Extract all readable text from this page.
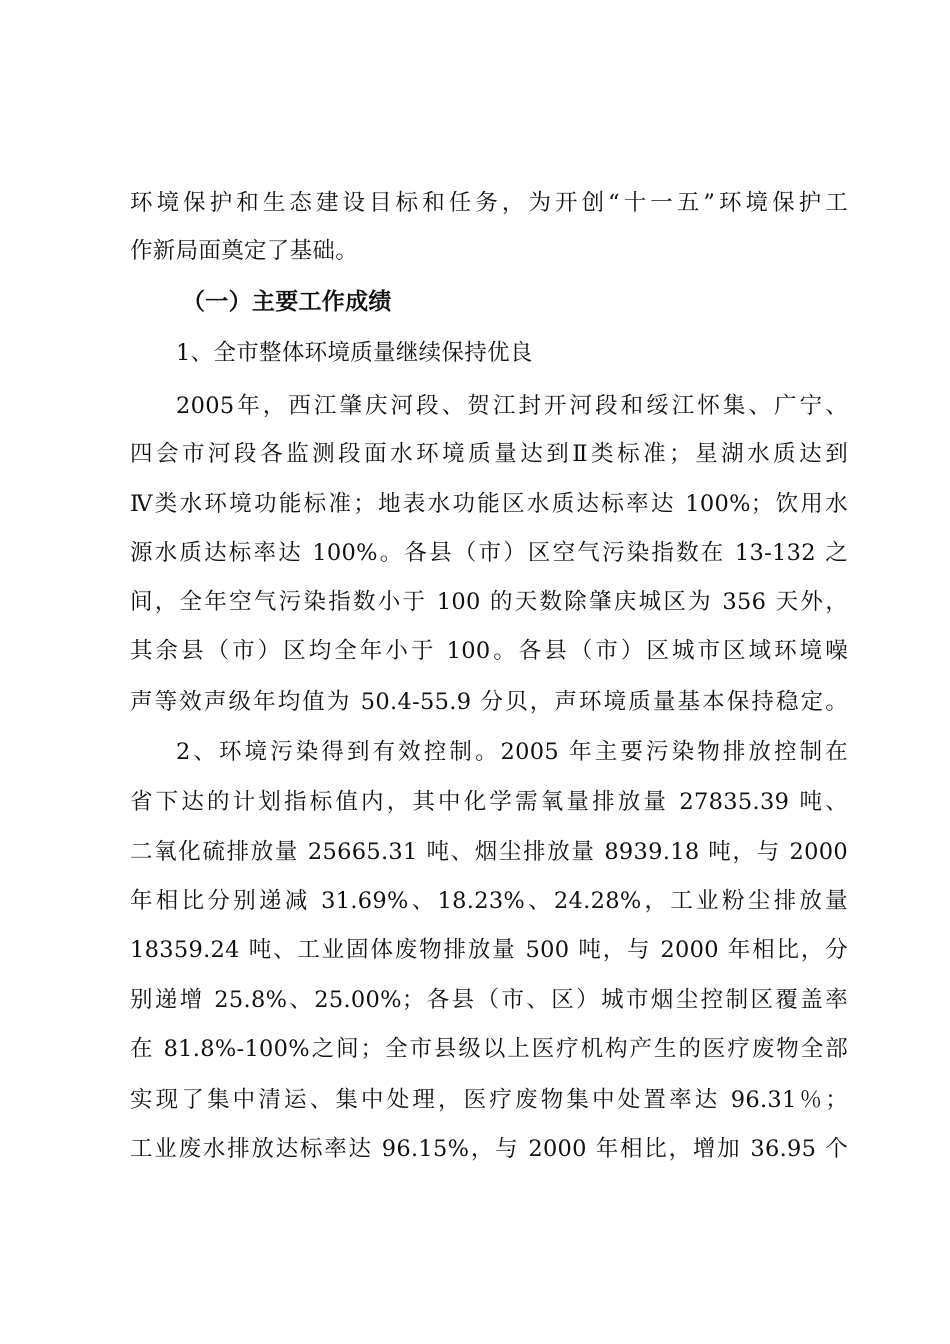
环境保护和生态建设目标和任务，为开创“十一五”环境保护工
作新局面奠定了基础。
（一）主要工作成绩
1、全市整体环境质量继续保持优良
2005年，西江肇庆河段、贺江封开河段和绥江怀集、广宁、
四会市河段各监测段面水环境质量达到Ⅱ类标准；星湖水质达到
Ⅳ类水环境功能标准；地表水功能区水质达标率达 100%；饮用水
源水质达标率达 100%。各县（市）区空气污染指数在 13-132 之
间，全年空气污染指数小于 100 的天数除肇庆城区为 356 天外，
其余县（市）区均全年小于 100。各县（市）区城市区域环境噪
声等效声级年均值为 50.4-55.9 分贝，声环境质量基本保持稳定。
2、环境污染得到有效控制。2005 年主要污染物排放控制在
省下达的计划指标值内，其中化学需氧量排放量 27835.39 吨、
二氧化硫排放量 25665.31 吨、烟尘排放量 8939.18 吨，与 2000
年相比分别递减 31.69%、18.23%、24.28%，工业粉尘排放量
18359.24 吨、工业固体废物排放量 500 吨，与 2000 年相比，分
别递增 25.8%、25.00%；各县（市、区）城市烟尘控制区覆盖率
在 81.8%-100%之间；全市县级以上医疗机构产生的医疗废物全部
实现了集中清运、集中处理，医疗废物集中处置率达 96.31％；
工业废水排放达标率达 96.15%，与 2000 年相比，增加 36.95 个
